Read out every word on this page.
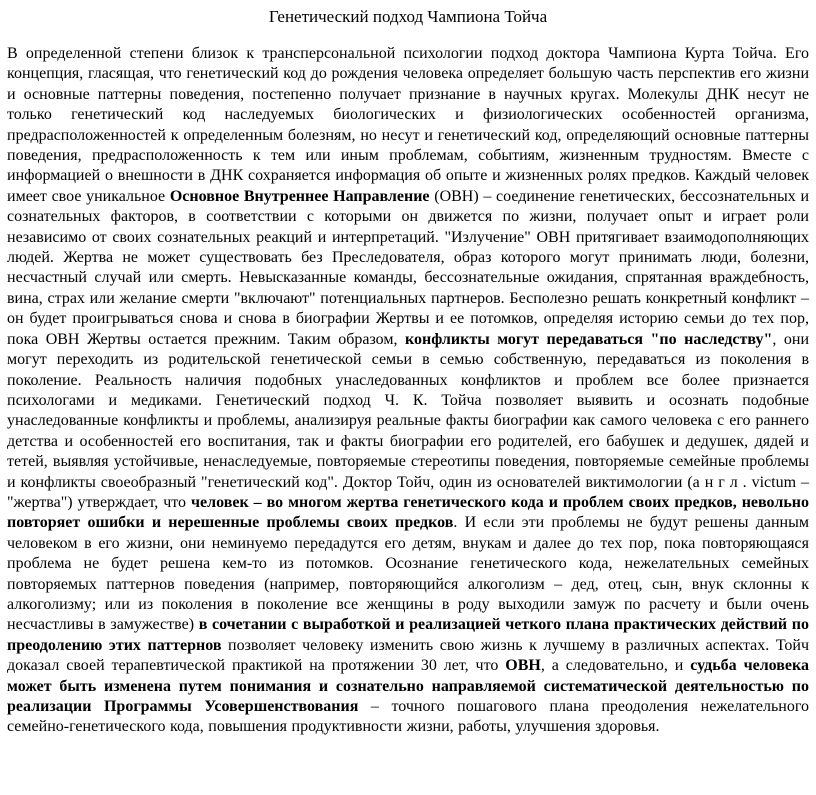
Генетический подход Чампиона Тойча

В определенной степени близок к трансперсональной психологии подход доктора Чампиона Курта Тойча. Его концепция, гласящая, что генетический код до рождения человека определяет большую часть перспектив его жизни и основные паттерны поведения, постепенно получает признание в научных кругах. Молекулы ДНК несут не только генетический код наследуемых биологических и физиологических особенностей организма, предрасположенностей к определенным болезням, но несут и генетический код, определяющий основные паттерны поведения, предрасположенность к тем или иным проблемам, событиям, жизненным трудностям. Вместе с информацией о внешности в ДНК сохраняется информация об опыте и жизненных ролях предков. Каждый человек имеет свое уникальное Основное Внутреннее Направление (ОВН) – соединение генетических, бессознательных и сознательных факторов, в соответствии с которыми он движется по жизни, получает опыт и играет роли независимо от своих сознательных реакций и интерпретаций. "Излучение" ОВН притягивает взаимодополняющих людей. Жертва не может существовать без Преследователя, образ которого могут принимать люди, болезни, несчастный случай или смерть. Невысказанные команды, бессознательные ожидания, спрятанная враждебность, вина, страх или желание смерти "включают" потенциальных партнеров. Бесполезно решать конкретный конфликт – он будет проигрываться снова и снова в биографии Жертвы и ее потомков, определяя историю семьи до тех пор, пока ОВН Жертвы остается прежним. Таким образом, конфликты могут передаваться "по наследству", они могут переходить из родительской генетической семьи в семью собственную, передаваться из поколения в поколение. Реальность наличия подобных унаследованных конфликтов и проблем все более признается психологами и медиками. Генетический подход Ч. К. Тойча позволяет выявить и осознать подобные унаследованные конфликты и проблемы, анализируя реальные факты биографии как самого человека с его раннего детства и особенностей его воспитания, так и факты биографии его родителей, его бабушек и дедушек, дядей и тетей, выявляя устойчивые, ненаследуемые, повторяемые стереотипы поведения, повторяемые семейные проблемы и конфликты своеобразный "генетический код". Доктор Тойч, один из основателей виктимологии (а н г л . victum – "жертва") утверждает, что человек – во многом жертва генетического кода и проблем своих предков, невольно повторяет ошибки и нерешенные проблемы своих предков. И если эти проблемы не будут решены данным человеком в его жизни, они неминуемо передадутся его детям, внукам и далее до тех пор, пока повторяющаяся проблема не будет решена кем-то из потомков. Осознание генетического кода, нежелательных семейных повторяемых паттернов поведения (например, повторяющийся алкоголизм – дед, отец, сын, внук склонны к алкоголизму; или из поколения в поколение все женщины в роду выходили замуж по расчету и были очень несчастливы в замужестве) в сочетании с выработкой и реализацией четкого плана практических действий по преодолению этих паттернов позволяет человеку изменить свою жизнь к лучшему в различных аспектах. Тойч доказал своей терапевтической практикой на протяжении 30 лет, что ОВН, а следовательно, и судьба человека может быть изменена путем понимания и сознательно направляемой систематической деятельностью по реализации Программы Усовершенствования – точного пошагового плана преодоления нежелательного семейно-генетического кода, повышения продуктивности жизни, работы, улучшения здоровья.
